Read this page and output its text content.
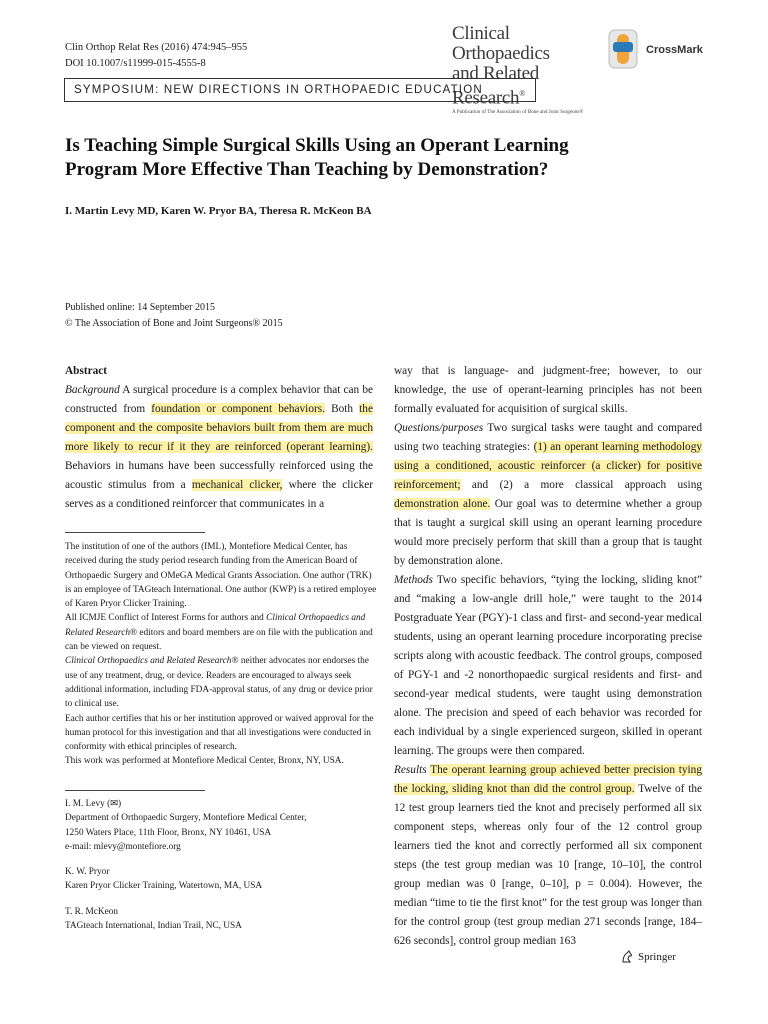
Clin Orthop Relat Res (2016) 474:945–955
DOI 10.1007/s11999-015-4555-8
Clinical Orthopaedics
and Related Research®
A Publication of The Association of Bone and Joint Surgeons®
CrossMark
SYMPOSIUM: NEW DIRECTIONS IN ORTHOPAEDIC EDUCATION
Is Teaching Simple Surgical Skills Using an Operant Learning
Program More Effective Than Teaching by Demonstration?
I. Martin Levy MD, Karen W. Pryor BA, Theresa R. McKeon BA
Published online: 14 September 2015
© The Association of Bone and Joint Surgeons® 2015

Abstract

Background A surgical procedure is a complex behavior that can be constructed from foundation or component behaviors. Both the component and the composite behaviors built from them are much more likely to recur if it they are reinforced (operant learning). Behaviors in humans have been successfully reinforced using the acoustic stimulus from a mechanical clicker, where the clicker serves as a conditioned reinforcer that communicates in a

The institution of one of the authors (IML), Montefiore Medical Center, has received during the study period research funding from the American Board of Orthopaedic Surgery and OMeGA Medical Grants Association. One author (TRK) is an employee of TAGteach International. One author (KWP) is a retired employee of Karen Pryor Clicker Training.

All ICMJE Conflict of Interest Forms for authors and Clinical Orthopaedics and Related Research® editors and board members are on file with the publication and can be viewed on request.

Clinical Orthopaedics and Related Research® neither advocates nor endorses the use of any treatment, drug, or device. Readers are encouraged to always seek additional information, including FDA-approval status, of any drug or device prior to clinical use.

Each author certifies that his or her institution approved or waived approval for the human protocol for this investigation and that all investigations were conducted in conformity with ethical principles of research.

This work was performed at Montefiore Medical Center, Bronx, NY, USA.

I. M. Levy (✉)
Department of Orthopaedic Surgery, Montefiore Medical Center,
1250 Waters Place, 11th Floor, Bronx, NY 10461, USA
e-mail: mlevy@montefiore.org

K. W. Pryor
Karen Pryor Clicker Training, Watertown, MA, USA

T. R. McKeon
TAGteach International, Indian Trail, NC, USA

way that is language- and judgment-free; however, to our knowledge, the use of operant-learning principles has not been formally evaluated for acquisition of surgical skills.

Questions/purposes Two surgical tasks were taught and compared using two teaching strategies: (1) an operant learning methodology using a conditioned, acoustic reinforcer (a clicker) for positive reinforcement; and (2) a more classical approach using demonstration alone. Our goal was to determine whether a group that is taught a surgical skill using an operant learning procedure would more precisely perform that skill than a group that is taught by demonstration alone.

Methods Two specific behaviors, “tying the locking, sliding knot” and “making a low-angle drill hole,” were taught to the 2014 Postgraduate Year (PGY)-1 class and first- and second-year medical students, using an operant learning procedure incorporating precise scripts along with acoustic feedback. The control groups, composed of PGY-1 and -2 nonorthopaedic surgical residents and first- and second-year medical students, were taught using demonstration alone. The precision and speed of each behavior was recorded for each individual by a single experienced surgeon, skilled in operant learning. The groups were then compared.

Results The operant learning group achieved better precision tying the locking, sliding knot than did the control group. Twelve of the 12 test group learners tied the knot and precisely performed all six component steps, whereas only four of the 12 control group learners tied the knot and correctly performed all six component steps (the test group median was 10 [range, 10–10], the control group median was 0 [range, 0–10], p = 0.004). However, the median “time to tie the first knot” for the test group was longer than for the control group (test group median 271 seconds [range, 184–626 seconds], control group median 163

Springer
